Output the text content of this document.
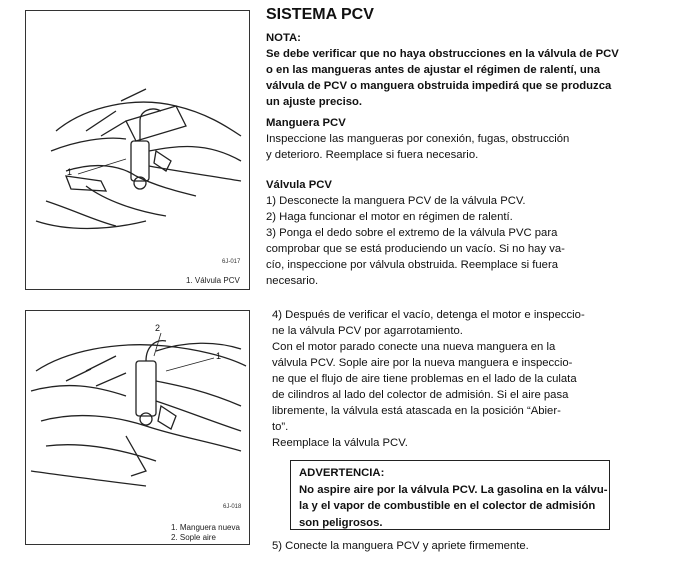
1
6J-017
1. Válvula PCV
2
1
6J-018
1. Manguera nueva
2. Sople aire
SISTEMA PCV
NOTA:
Se debe verificar que no haya obstrucciones en la válvula de PCV
o en las mangueras antes de ajustar el régimen de ralentí, una
válvula de PCV o manguera obstruida impedirá que se produzca
un ajuste preciso.
Manguera PCV
Inspeccione las mangueras por conexión, fugas, obstrucción
y deterioro. Reemplace si fuera necesario.
Válvula PCV
1) Desconecte la manguera PCV de la válvula PCV.
2) Haga funcionar el motor en régimen de ralentí.
3) Ponga el dedo sobre el extremo de la válvula PVC para
comprobar que se está produciendo un vacío. Si no hay va-
cío, inspeccione por válvula obstruida. Reemplace si fuera
necesario.
4) Después de verificar el vacío, detenga el motor e inspeccio-
ne la válvula PCV por agarrotamiento.
Con el motor parado conecte una nueva manguera en la
válvula PCV. Sople aire por la nueva manguera e inspeccio-
ne que el flujo de aire tiene problemas en el lado de la culata
de cilindros al lado del colector de admisión. Si el aire pasa
libremente, la válvula está atascada en la posición “Abier-
to”.
Reemplace la válvula PCV.
ADVERTENCIA:
No aspire aire por la válvula PCV. La gasolina en la válvu-
la y el vapor de combustible en el colector de admisión
son peligrosos.
5) Conecte la manguera PCV y apriete firmemente.
